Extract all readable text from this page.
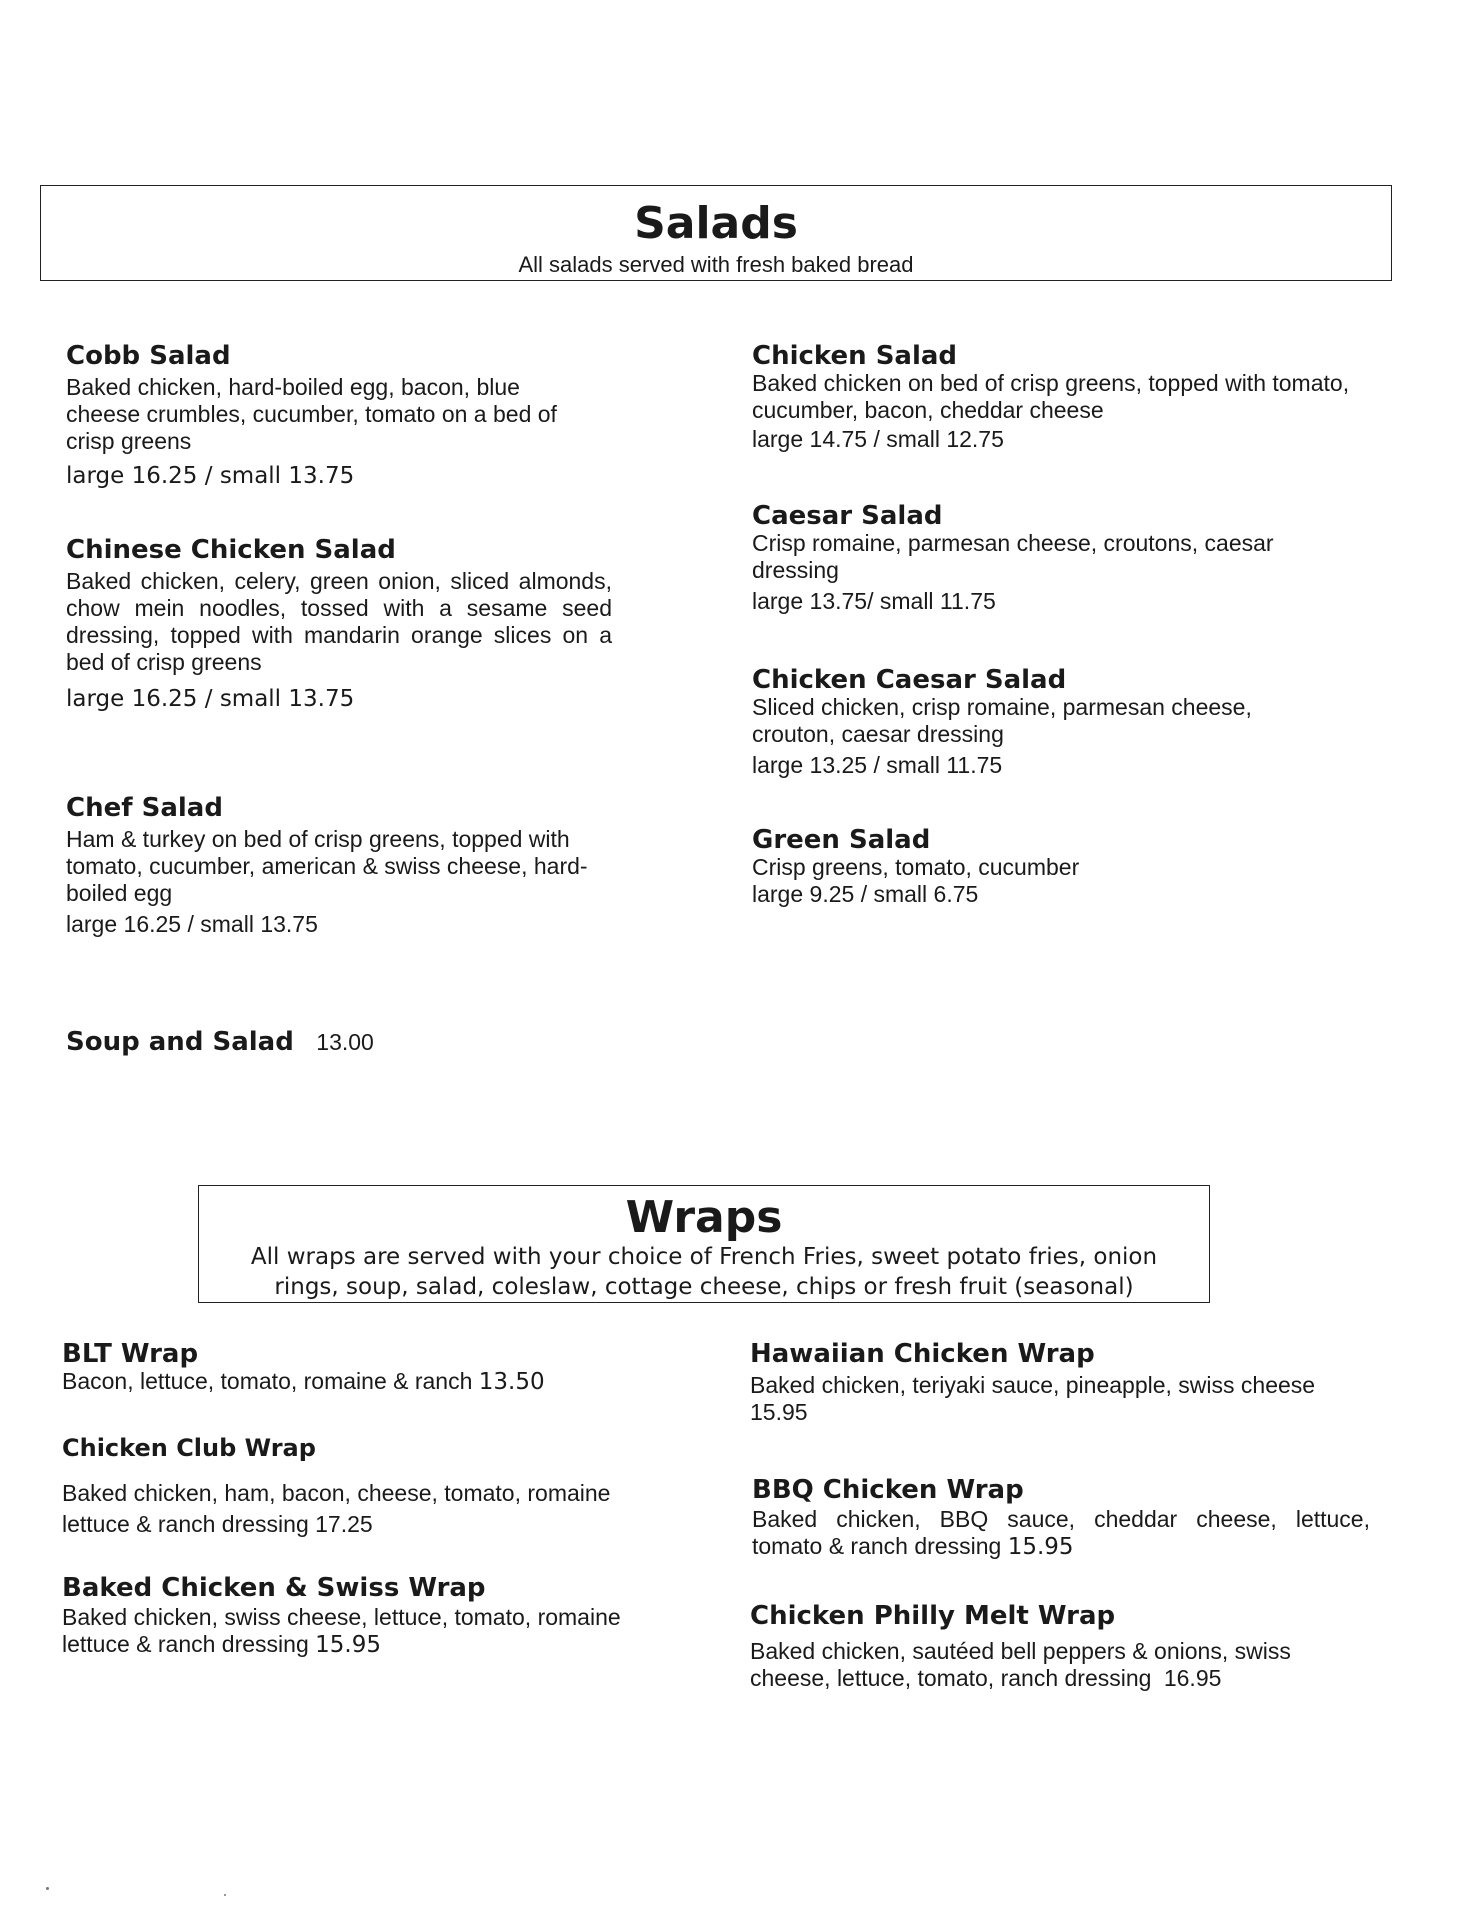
Salads

All salads served with fresh baked bread

Cobb Salad

Baked chicken, hard-boiled egg, bacon, blue cheese crumbles, cucumber, tomato on a bed of crisp greens

large 16.25 / small 13.75

Chinese Chicken Salad

Baked chicken, celery, green onion, sliced almonds, chow mein noodles, tossed with a sesame seed dressing, topped with mandarin orange slices on a bed of crisp greens

large 16.25 / small 13.75

Chef Salad

Ham & turkey on bed of crisp greens, topped with tomato, cucumber, american & swiss cheese, hard-boiled egg

large 16.25 / small 13.75

Soup and Salad 13.00

Chicken Salad

Baked chicken on bed of crisp greens, topped with tomato, cucumber, bacon, cheddar cheese

large 14.75 / small 12.75

Caesar Salad

Crisp romaine, parmesan cheese, croutons, caesar dressing

large 13.75/ small 11.75

Chicken Caesar Salad

Sliced chicken, crisp romaine, parmesan cheese, crouton, caesar dressing

large 13.25 / small 11.75

Green Salad

Crisp greens, tomato, cucumber

large 9.25 / small 6.75

Wraps

All wraps are served with your choice of French Fries, sweet potato fries, onion

rings, soup, salad, coleslaw, cottage cheese, chips or fresh fruit (seasonal)

BLT Wrap

Bacon, lettuce, tomato, romaine & ranch 13.50

Chicken Club Wrap

Baked chicken, ham, bacon, cheese, tomato, romaine lettuce & ranch dressing 17.25

Baked Chicken & Swiss Wrap

Baked chicken, swiss cheese, lettuce, tomato, romaine lettuce & ranch dressing 15.95

Hawaiian Chicken Wrap

Baked chicken, teriyaki sauce, pineapple, swiss cheese

15.95

BBQ Chicken Wrap

Baked chicken, BBQ sauce, cheddar cheese, lettuce, tomato & ranch dressing 15.95

Chicken Philly Melt Wrap

Baked chicken, sautéed bell peppers & onions, swiss cheese, lettuce, tomato, ranch dressing 16.95
